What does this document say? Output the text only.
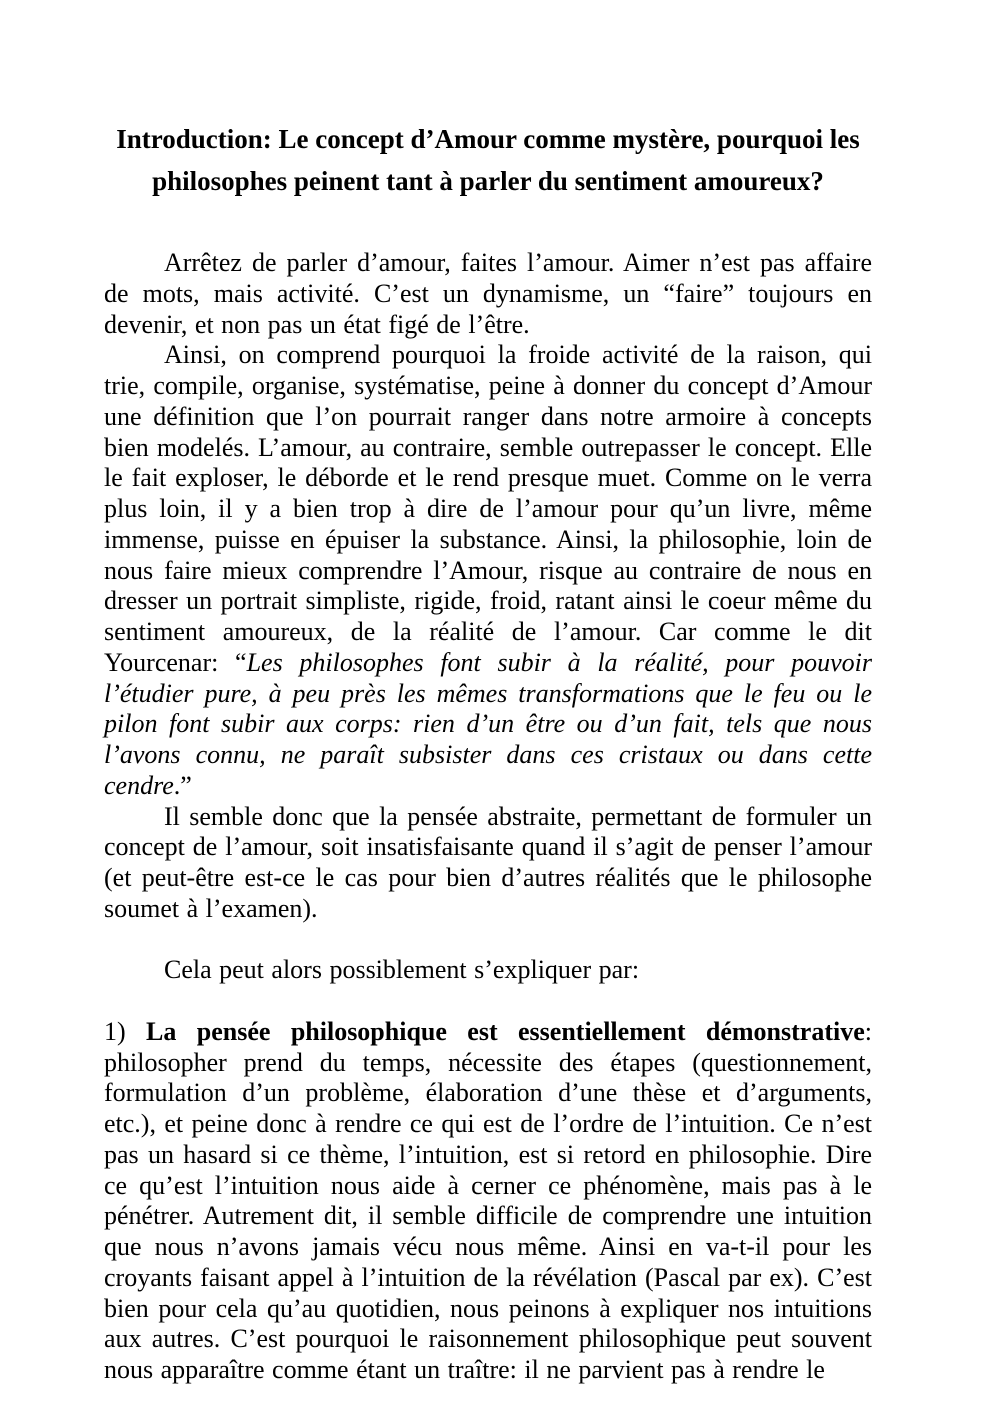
Introduction: Le concept d’Amour comme mystère, pourquoi les
philosophes peinent tant à parler du sentiment amoureux?

Arrêtez de parler d’amour, faites l’amour. Aimer n’est pas affaire de mots, mais activité. C’est un dynamisme, un “faire” toujours en devenir, et non pas un état figé de l’être.

Ainsi, on comprend pourquoi la froide activité de la raison, qui trie, compile, organise, systématise, peine à donner du concept d’Amour une définition que l’on pourrait ranger dans notre armoire à concepts bien modelés. L’amour, au contraire, semble outrepasser le concept. Elle le fait exploser, le déborde et le rend presque muet. Comme on le verra plus loin, il y a bien trop à dire de l’amour pour qu’un livre, même immense, puisse en épuiser la substance. Ainsi, la philosophie, loin de nous faire mieux comprendre l’Amour, risque au contraire de nous en dresser un portrait simpliste, rigide, froid, ratant ainsi le coeur même du sentiment amoureux, de la réalité de l’amour. Car comme le dit Yourcenar: “Les philosophes font subir à la réalité, pour pouvoir l’étudier pure, à peu près les mêmes transformations que le feu ou le pilon font subir aux corps: rien d’un être ou d’un fait, tels que nous l’avons connu, ne paraît subsister dans ces cristaux ou dans cette cendre.”

Il semble donc que la pensée abstraite, permettant de formuler un concept de l’amour, soit insatisfaisante quand il s’agit de penser l’amour (et peut-être est-ce le cas pour bien d’autres réalités que le philosophe soumet à l’examen).

Cela peut alors possiblement s’expliquer par:

1) La pensée philosophique est essentiellement démonstrative: philosopher prend du temps, nécessite des étapes (questionnement, formulation d’un problème, élaboration d’une thèse et d’arguments, etc.), et peine donc à rendre ce qui est de l’ordre de l’intuition. Ce n’est pas un hasard si ce thème, l’intuition, est si retord en philosophie. Dire ce qu’est l’intuition nous aide à cerner ce phénomène, mais pas à le pénétrer. Autrement dit, il semble difficile de comprendre une intuition que nous n’avons jamais vécu nous même. Ainsi en va-t-il pour les croyants faisant appel à l’intuition de la révélation (Pascal par ex). C’est bien pour cela qu’au quotidien, nous peinons à expliquer nos intuitions aux autres. C’est pourquoi le raisonnement philosophique peut souvent nous apparaître comme étant un traître: il ne parvient pas à rendre le
